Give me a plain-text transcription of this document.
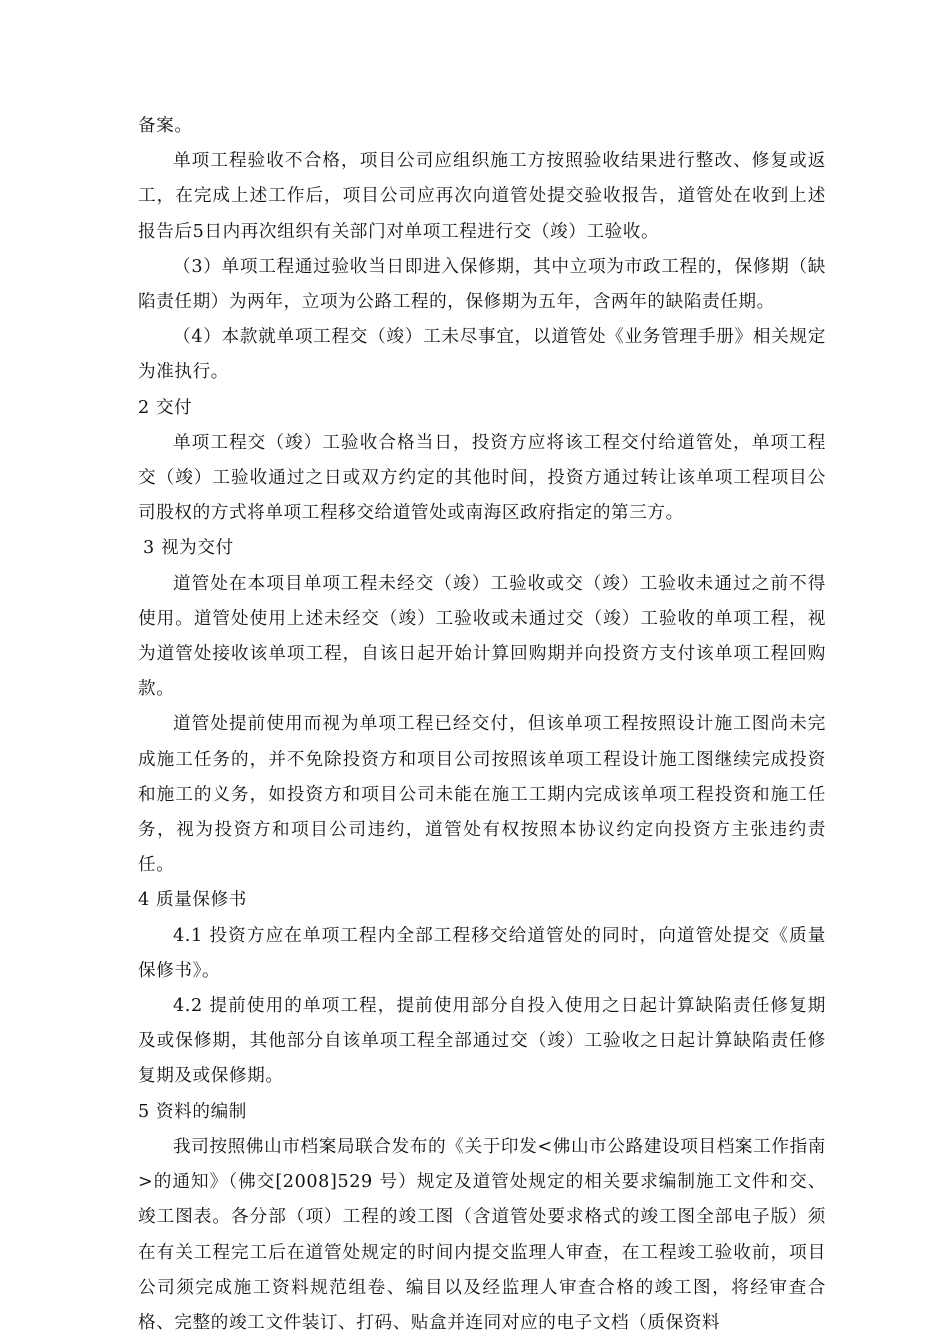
备案。

单项工程验收不合格，项目公司应组织施工方按照验收结果进行整改、修复或返工，在完成上述工作后，项目公司应再次向道管处提交验收报告，道管处在收到上述报告后5日内再次组织有关部门对单项工程进行交（竣）工验收。

（3）单项工程通过验收当日即进入保修期，其中立项为市政工程的，保修期（缺陷责任期）为两年，立项为公路工程的，保修期为五年，含两年的缺陷责任期。

（4）本款就单项工程交（竣）工未尽事宜，以道管处《业务管理手册》相关规定为准执行。

2 交付

单项工程交（竣）工验收合格当日，投资方应将该工程交付给道管处，单项工程交（竣）工验收通过之日或双方约定的其他时间，投资方通过转让该单项工程项目公司股权的方式将单项工程移交给道管处或南海区政府指定的第三方。

3 视为交付

道管处在本项目单项工程未经交（竣）工验收或交（竣）工验收未通过之前不得使用。道管处使用上述未经交（竣）工验收或未通过交（竣）工验收的单项工程，视为道管处接收该单项工程，自该日起开始计算回购期并向投资方支付该单项工程回购款。

道管处提前使用而视为单项工程已经交付，但该单项工程按照设计施工图尚未完成施工任务的，并不免除投资方和项目公司按照该单项工程设计施工图继续完成投资和施工的义务，如投资方和项目公司未能在施工工期内完成该单项工程投资和施工任务，视为投资方和项目公司违约，道管处有权按照本协议约定向投资方主张违约责任。

4 质量保修书

4.1 投资方应在单项工程内全部工程移交给道管处的同时，向道管处提交《质量保修书》。

4.2 提前使用的单项工程，提前使用部分自投入使用之日起计算缺陷责任修复期及或保修期，其他部分自该单项工程全部通过交（竣）工验收之日起计算缺陷责任修复期及或保修期。

5 资料的编制

我司按照佛山市档案局联合发布的《关于印发<佛山市公路建设项目档案工作指南>的通知》（佛交[2008]529 号）规定及道管处规定的相关要求编制施工文件和交、竣工图表。各分部（项）工程的竣工图（含道管处要求格式的竣工图全部电子版）须在有关工程完工后在道管处规定的时间内提交监理人审查，在工程竣工验收前，项目公司须完成施工资料规范组卷、编目以及经监理人审查合格的竣工图，将经审查合格、完整的竣工文件装订、打码、贴盒并连同对应的电子文档（质保资料
